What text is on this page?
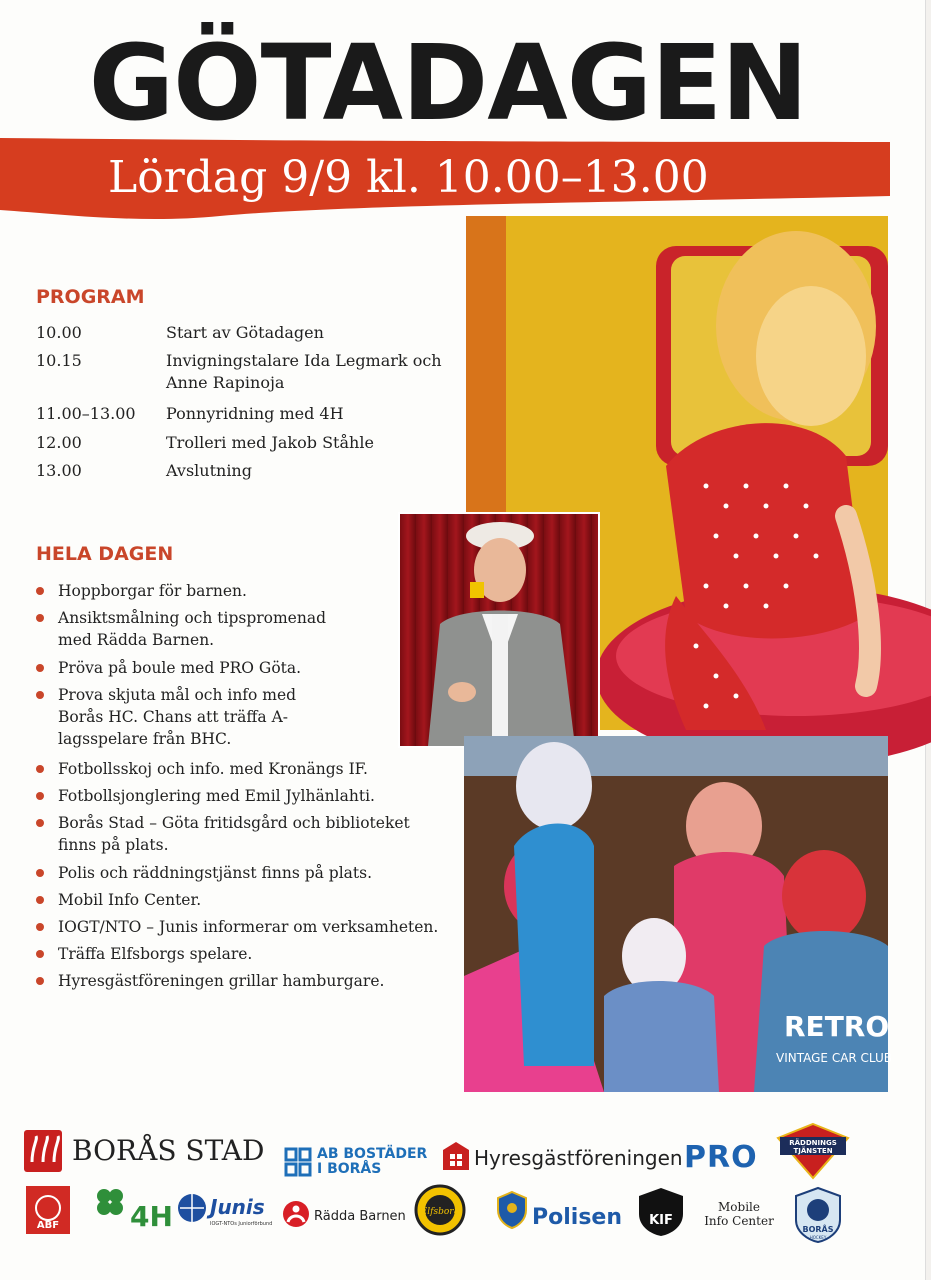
GÖTADAGEN
Lördag 9/9 kl. 10.00–13.00
PROGRAM
10.00	Start av Götadagen
10.15	Invigningstalare Ida Legmark och Anne Rapinoja
11.00–13.00 Ponnyridning med 4H
12.00	Trolleri med Jakob Ståhle
13.00	Avslutning
HELA DAGEN
Hoppborgar för barnen.
Ansiktsmålning och tipspromenad med Rädda Barnen.
Pröva på boule med PRO Göta.
Prova skjuta mål och info med Borås HC. Chans att träffa A-lagsspelare från BHC.
Fotbollsskoj och info. med Kronängs IF.
Fotbollsjonglering med Emil Jylhänlahti.
Borås Stad – Göta fritidsgård och biblioteket finns på plats.
Polis och räddningstjänst finns på plats.
Mobil Info Center.
IOGT/NTO – Junis informerar om verksamheten.
Träffa Elfsborgs spelare.
Hyresgästföreningen grillar hamburgare.
RETRO
VINTAGE CAR CLUB
BORÅS STAD	AB BOSTÄDER
I BORÅS	Hyresgästföreningen PRO	RÄDDNINGS
TJÄNSTEN
ABF	4H Junis
IOGT-NTOs Juniorförbund	Rädda Barnen Elfsborg	Polisen KIF
Mobile
Info Center
BORÅS
HOCKEY
